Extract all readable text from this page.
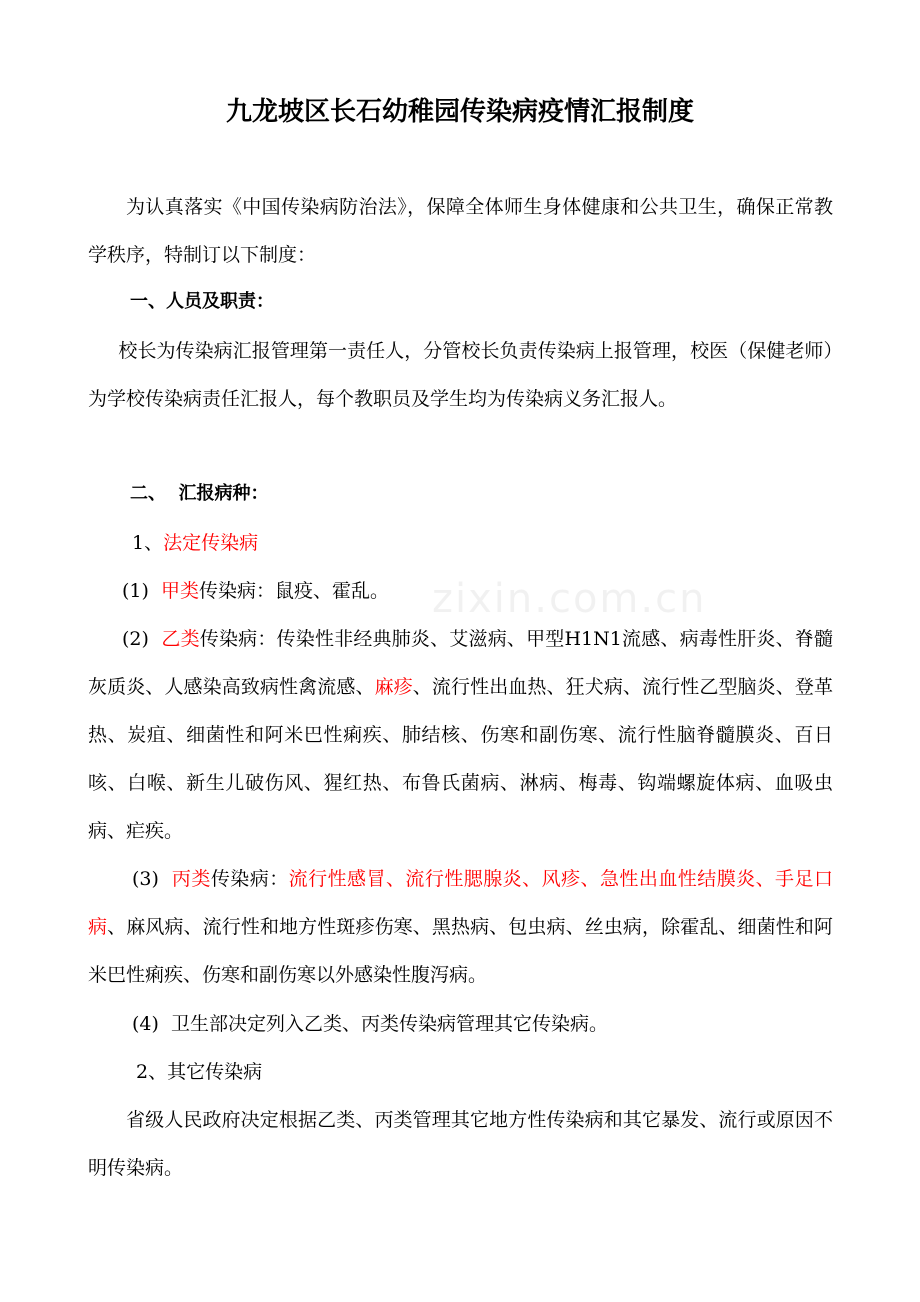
九龙坡区长石幼稚园传染病疫情汇报制度
为认真落实《中国传染病防治法》，保障全体师生身体健康和公共卫生，确保正常教学秩序，特制订以下制度：
一、人员及职责：
校长为传染病汇报管理第一责任人，分管校长负责传染病上报管理，校医（保健老师）为学校传染病责任汇报人，每个教职员及学生均为传染病义务汇报人。
二、  汇报病种：
1、法定传染病
(1) 甲类传染病：鼠疫、霍乱。
(2) 乙类传染病：传染性非经典肺炎、艾滋病、甲型H1N1流感、病毒性肝炎、脊髓灰质炎、人感染高致病性禽流感、麻疹、流行性出血热、狂犬病、流行性乙型脑炎、登革热、炭疽、细菌性和阿米巴性痢疾、肺结核、伤寒和副伤寒、流行性脑脊髓膜炎、百日咳、白喉、新生儿破伤风、猩红热、布鲁氏菌病、淋病、梅毒、钩端螺旋体病、血吸虫病、疟疾。
(3) 丙类传染病：流行性感冒、流行性腮腺炎、风疹、急性出血性结膜炎、手足口病、麻风病、流行性和地方性斑疹伤寒、黑热病、包虫病、丝虫病，除霍乱、细菌性和阿米巴性痢疾、伤寒和副伤寒以外感染性腹泻病。
(4) 卫生部决定列入乙类、丙类传染病管理其它传染病。
2、其它传染病
省级人民政府决定根据乙类、丙类管理其它地方性传染病和其它暴发、流行或原因不明传染病。
zixin.com.cn
